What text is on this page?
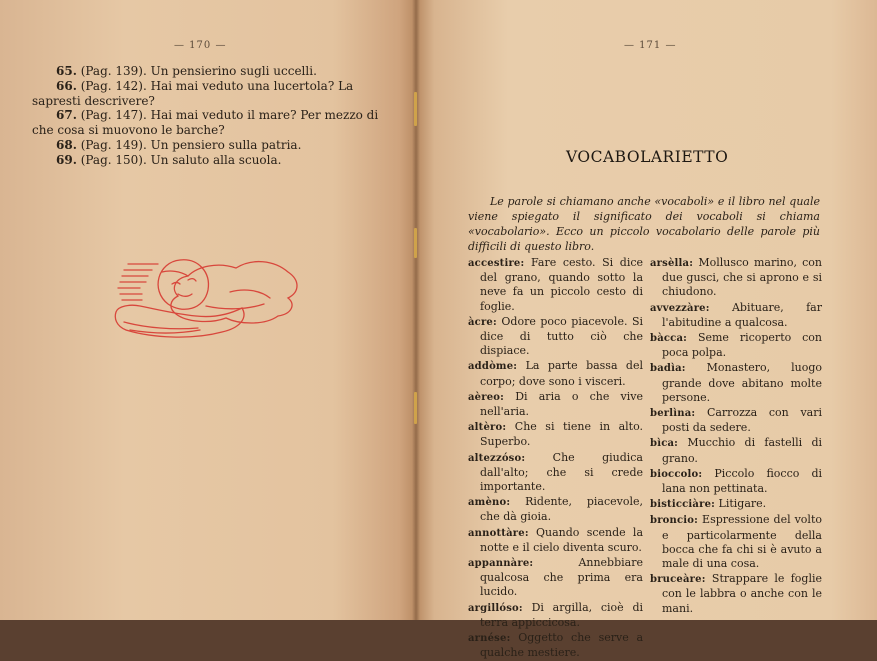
— 170 —

65. (Pag. 139). Un pensierino sugli uccelli.

66. (Pag. 142). Hai mai veduto una lucertola? La sapresti descrivere?

67. (Pag. 147). Hai mai veduto il mare? Per mezzo di che cosa si muovono le barche?

68. (Pag. 149). Un pensiero sulla patria.

69. (Pag. 150). Un saluto alla scuola.

— 171 —
VOCABOLARIETTO

Le parole si chiamano anche «vocaboli» e il libro nel quale viene spiegato il significato dei vocaboli si chiama «vocabolario». Ecco un piccolo vocabolario delle parole più difficili di questo libro.

accestire: Fare cesto. Si dice del grano, quando sotto la neve fa un piccolo cesto di foglie.

àcre: Odore poco piacevole. Si dice di tutto ciò che dispiace.

addòme: La parte bassa del corpo; dove sono i visceri.

aèreo: Di aria o che vive nell'aria.

altèro: Che si tiene in alto. Superbo.

altezzóso: Che giudica dall'alto; che si crede importante.

amèno: Ridente, piacevole, che dà gioia.

annottàre: Quando scende la notte e il cielo diventa scuro.

appannàre:	Annebbiare qualcosa che prima era lucido.

argillóso: Di argilla, cioè di terra appiccicosa.

arnése: Oggetto che serve a qualche mestiere.

arsèlla: Mollusco marino, con due gusci, che si aprono e si chiudono.

avvezzàre: Abituare, far l'abitudine a qualcosa.

bàcca: Seme ricoperto con poca polpa.

badìa: Monastero, luogo grande dove abitano molte persone.

berlìna: Carrozza con vari posti da sedere.

bìca: Mucchio di fastelli di grano.

bioccolo: Piccolo fiocco di lana non pettinata.

bisticciàre: Litigare.

broncio: Espressione del volto e particolarmente della bocca che fa chi si è avuto a male di una cosa.

bruceàre: Strappare le foglie con le labbra o anche con le mani.
